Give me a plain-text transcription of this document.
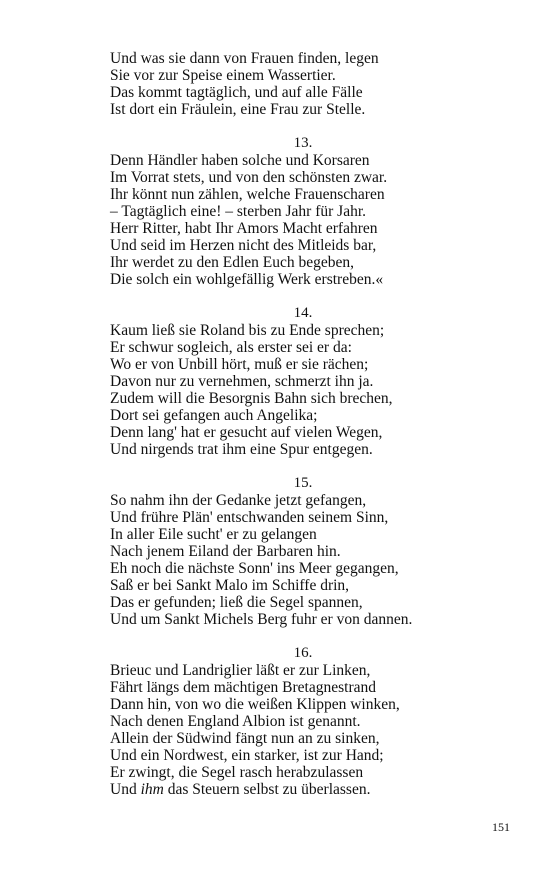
Und was sie dann von Frauen finden, legen
Sie vor zur Speise einem Wassertier.
Das kommt tagtäglich, und auf alle Fälle
Ist dort ein Fräulein, eine Frau zur Stelle.
13.
Denn Händler haben solche und Korsaren
Im Vorrat stets, und von den schönsten zwar.
Ihr könnt nun zählen, welche Frauenscharen
– Tagtäglich eine! – sterben Jahr für Jahr.
Herr Ritter, habt Ihr Amors Macht erfahren
Und seid im Herzen nicht des Mitleids bar,
Ihr werdet zu den Edlen Euch begeben,
Die solch ein wohlgefällig Werk erstreben.«
14.
Kaum ließ sie Roland bis zu Ende sprechen;
Er schwur sogleich, als erster sei er da:
Wo er von Unbill hört, muß er sie rächen;
Davon nur zu vernehmen, schmerzt ihn ja.
Zudem will die Besorgnis Bahn sich brechen,
Dort sei gefangen auch Angelika;
Denn lang' hat er gesucht auf vielen Wegen,
Und nirgends trat ihm eine Spur entgegen.
15.
So nahm ihn der Gedanke jetzt gefangen,
Und frühre Plän' entschwanden seinem Sinn,
In aller Eile sucht' er zu gelangen
Nach jenem Eiland der Barbaren hin.
Eh noch die nächste Sonn' ins Meer gegangen,
Saß er bei Sankt Malo im Schiffe drin,
Das er gefunden; ließ die Segel spannen,
Und um Sankt Michels Berg fuhr er von dannen.
16.
Brieuc und Landriglier läßt er zur Linken,
Fährt längs dem mächtigen Bretagnestrand
Dann hin, von wo die weißen Klippen winken,
Nach denen England Albion ist genannt.
Allein der Südwind fängt nun an zu sinken,
Und ein Nordwest, ein starker, ist zur Hand;
Er zwingt, die Segel rasch herabzulassen
Und ihm das Steuern selbst zu überlassen.
151
